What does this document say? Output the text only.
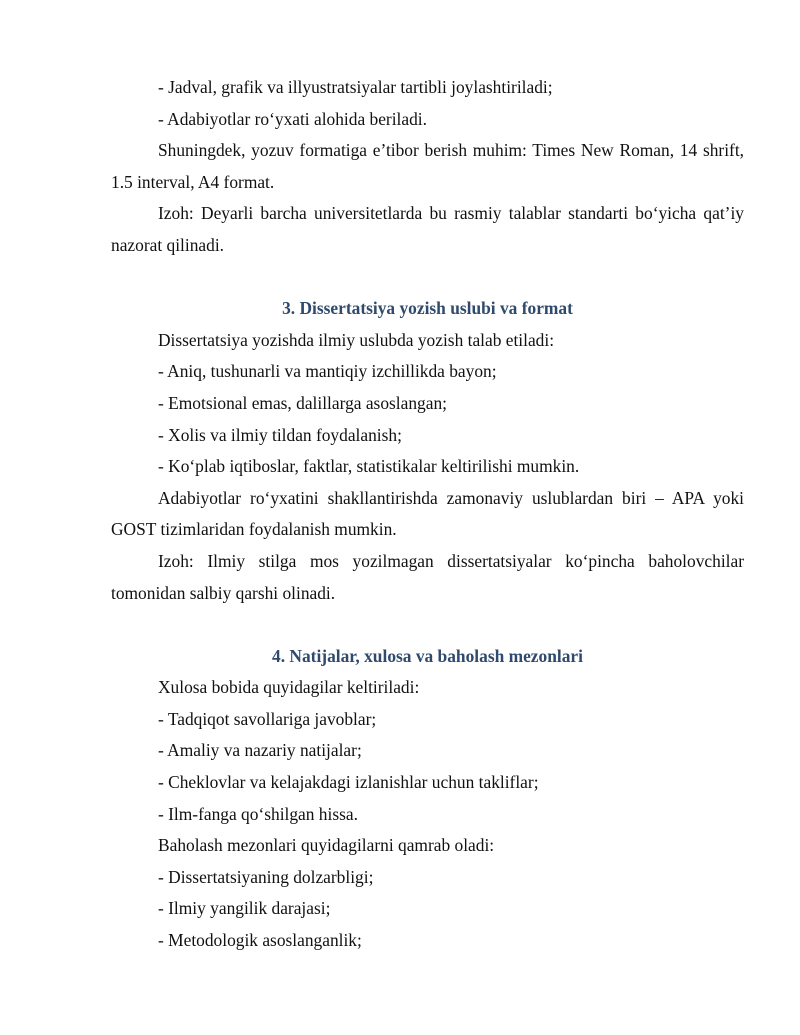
- Jadval, grafik va illyustratsiyalar tartibli joylashtiriladi;

- Adabiyotlar ro‘yxati alohida beriladi.

Shuningdek, yozuv formatiga e’tibor berish muhim: Times New Roman, 14 shrift, 1.5 interval, A4 format.

Izoh: Deyarli barcha universitetlarda bu rasmiy talablar standarti bo‘yicha qat’iy nazorat qilinadi.

3. Dissertatsiya yozish uslubi va format

Dissertatsiya yozishda ilmiy uslubda yozish talab etiladi:

- Aniq, tushunarli va mantiqiy izchillikda bayon;

- Emotsional emas, dalillarga asoslangan;

- Xolis va ilmiy tildan foydalanish;

- Ko‘plab iqtiboslar, faktlar, statistikalar keltirilishi mumkin.

Adabiyotlar ro‘yxatini shakllantirishda zamonaviy uslublardan biri – APA yoki GOST tizimlaridan foydalanish mumkin.

Izoh: Ilmiy stilga mos yozilmagan dissertatsiyalar ko‘pincha baholovchilar tomonidan salbiy qarshi olinadi.

4. Natijalar, xulosa va baholash mezonlari

Xulosa bobida quyidagilar keltiriladi:

- Tadqiqot savollariga javoblar;

- Amaliy va nazariy natijalar;

- Cheklovlar va kelajakdagi izlanishlar uchun takliflar;

- Ilm-fanga qo‘shilgan hissa.

Baholash mezonlari quyidagilarni qamrab oladi:

- Dissertatsiyaning dolzarbligi;

- Ilmiy yangilik darajasi;

- Metodologik asoslanganlik;
